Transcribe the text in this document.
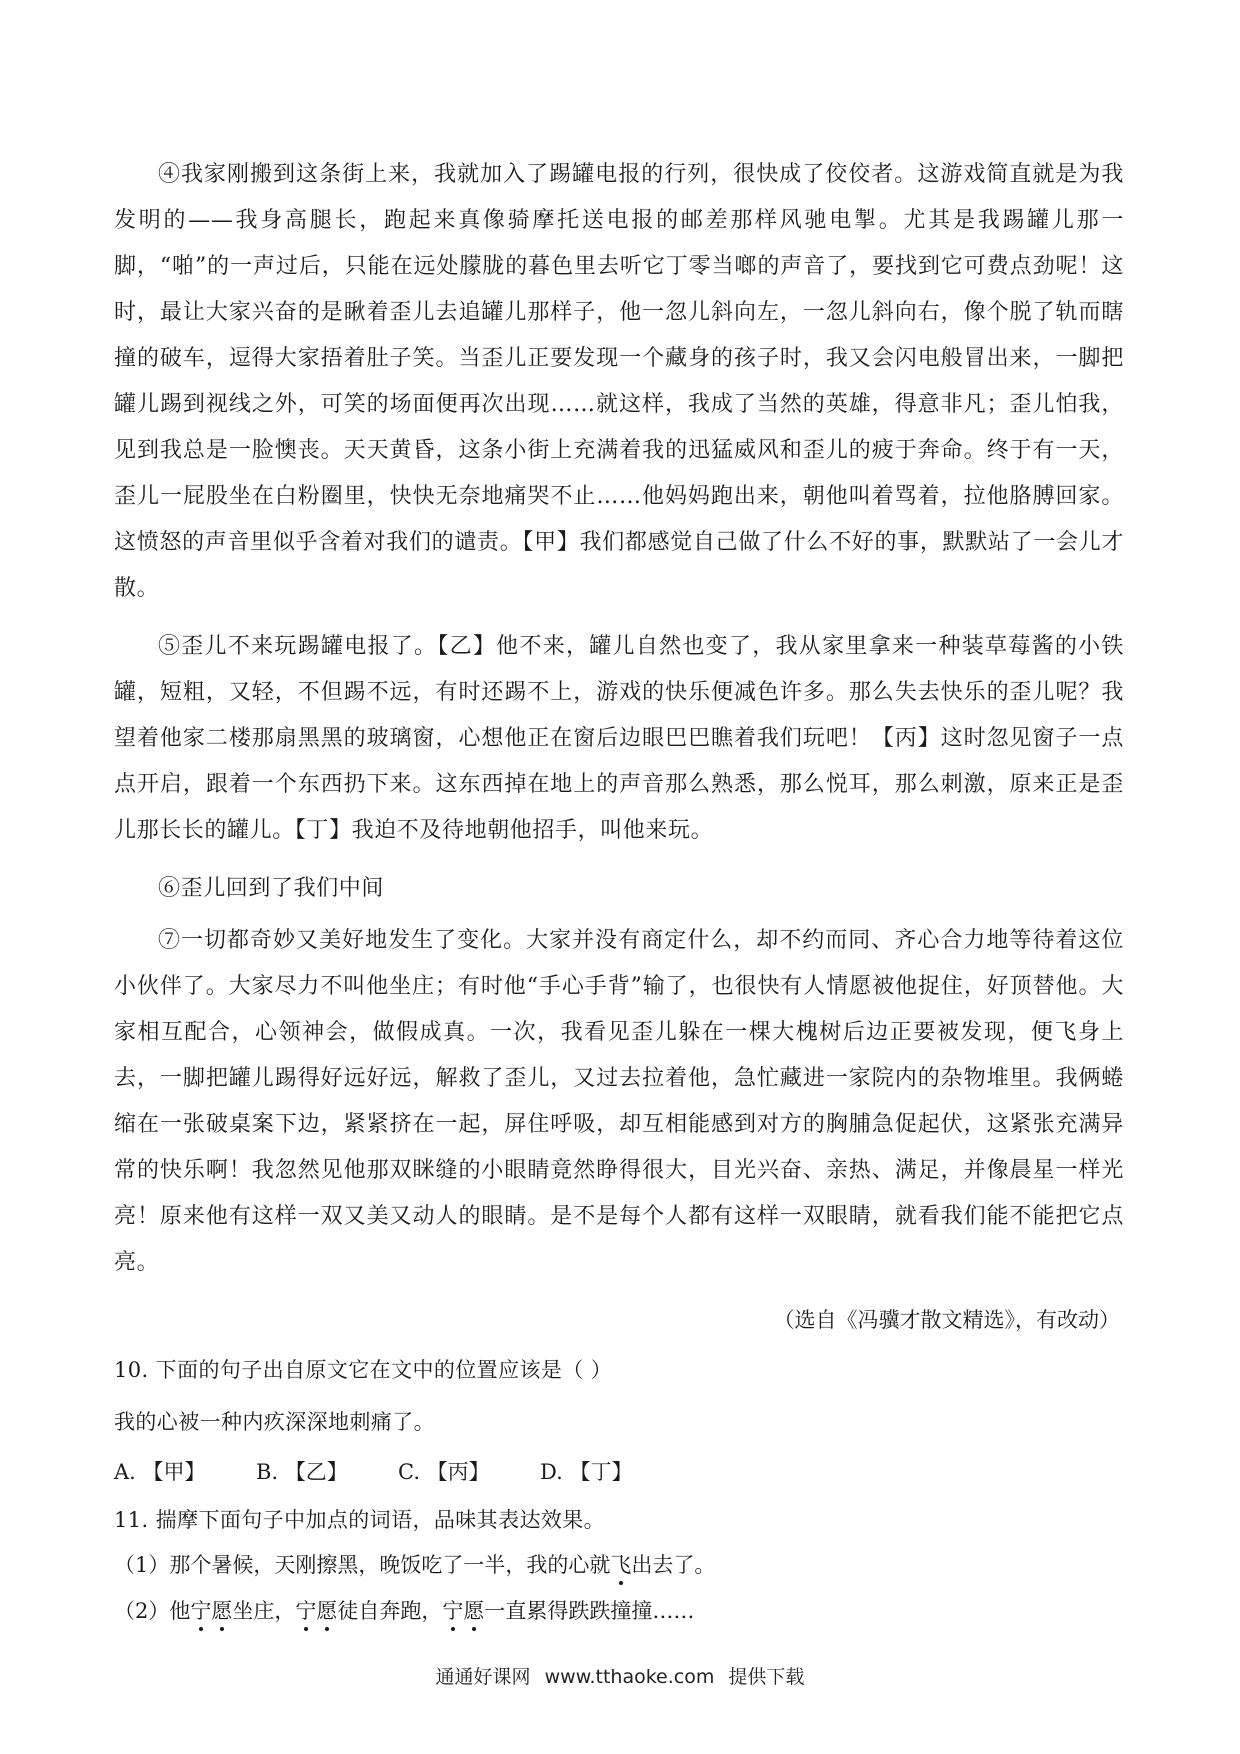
④我家刚搬到这条街上来，我就加入了踢罐电报的行列，很快成了佼佼者。这游戏简直就是为我发明的——我身高腿长，跑起来真像骑摩托送电报的邮差那样风驰电掣。尤其是我踢罐儿那一脚，“啪”的一声过后，只能在远处朦胧的暮色里去听它丁零当啷的声音了，要找到它可费点劲呢！这时，最让大家兴奋的是瞅着歪儿去追罐儿那样子，他一忽儿斜向左，一忽儿斜向右，像个脱了轨而瞎撞的破车，逗得大家捂着肚子笑。当歪儿正要发现一个藏身的孩子时，我又会闪电般冒出来，一脚把罐儿踢到视线之外，可笑的场面便再次出现……就这样，我成了当然的英雄，得意非凡；歪儿怕我，见到我总是一脸懊丧。天天黄昏，这条小街上充满着我的迅猛威风和歪儿的疲于奔命。终于有一天，歪儿一屁股坐在白粉圈里，快快无奈地痛哭不止……他妈妈跑出来，朝他叫着骂着，拉他胳膊回家。这愤怒的声音里似乎含着对我们的谴责。【甲】我们都感觉自己做了什么不好的事，默默站了一会儿才散。

⑤歪儿不来玩踢罐电报了。【乙】他不来，罐儿自然也变了，我从家里拿来一种装草莓酱的小铁罐，短粗，又轻，不但踢不远，有时还踢不上，游戏的快乐便减色许多。那么失去快乐的歪儿呢？我望着他家二楼那扇黑黑的玻璃窗，心想他正在窗后边眼巴巴瞧着我们玩吧！【丙】这时忽见窗子一点点开启，跟着一个东西扔下来。这东西掉在地上的声音那么熟悉，那么悦耳，那么刺激，原来正是歪儿那长长的罐儿。【丁】我迫不及待地朝他招手，叫他来玩。

⑥歪儿回到了我们中间

⑦一切都奇妙又美好地发生了变化。大家并没有商定什么，却不约而同、齐心合力地等待着这位小伙伴了。大家尽力不叫他坐庄；有时他“手心手背”输了，也很快有人情愿被他捉住，好顶替他。大家相互配合，心领神会，做假成真。一次，我看见歪儿躲在一棵大槐树后边正要被发现，便飞身上去，一脚把罐儿踢得好远好远，解救了歪儿，又过去拉着他，急忙藏进一家院内的杂物堆里。我俩蜷缩在一张破桌案下边，紧紧挤在一起，屏住呼吸，却互相能感到对方的胸脯急促起伏，这紧张充满异常的快乐啊！我忽然见他那双眯缝的小眼睛竟然睁得很大，目光兴奋、亲热、满足，并像晨星一样光亮！原来他有这样一双又美又动人的眼睛。是不是每个人都有这样一双眼睛，就看我们能不能把它点亮。

（选自《冯骥才散文精选》，有改动）

10. 下面的句子出自原文它在文中的位置应该是（ ）

我的心被一种内疚深深地刺痛了。

A. 【甲】	B. 【乙】	C. 【丙】	D. 【丁】

11. 揣摩下面句子中加点的词语，品味其表达效果。

（1）那个暑候，天刚擦黑，晚饭吃了一半，我的心就飞出去了。

（2）他宁愿坐庄，宁愿徒自奔跑，宁愿一直累得跌跌撞撞……

通通好课网 www.tthaoke.com 提供下载
